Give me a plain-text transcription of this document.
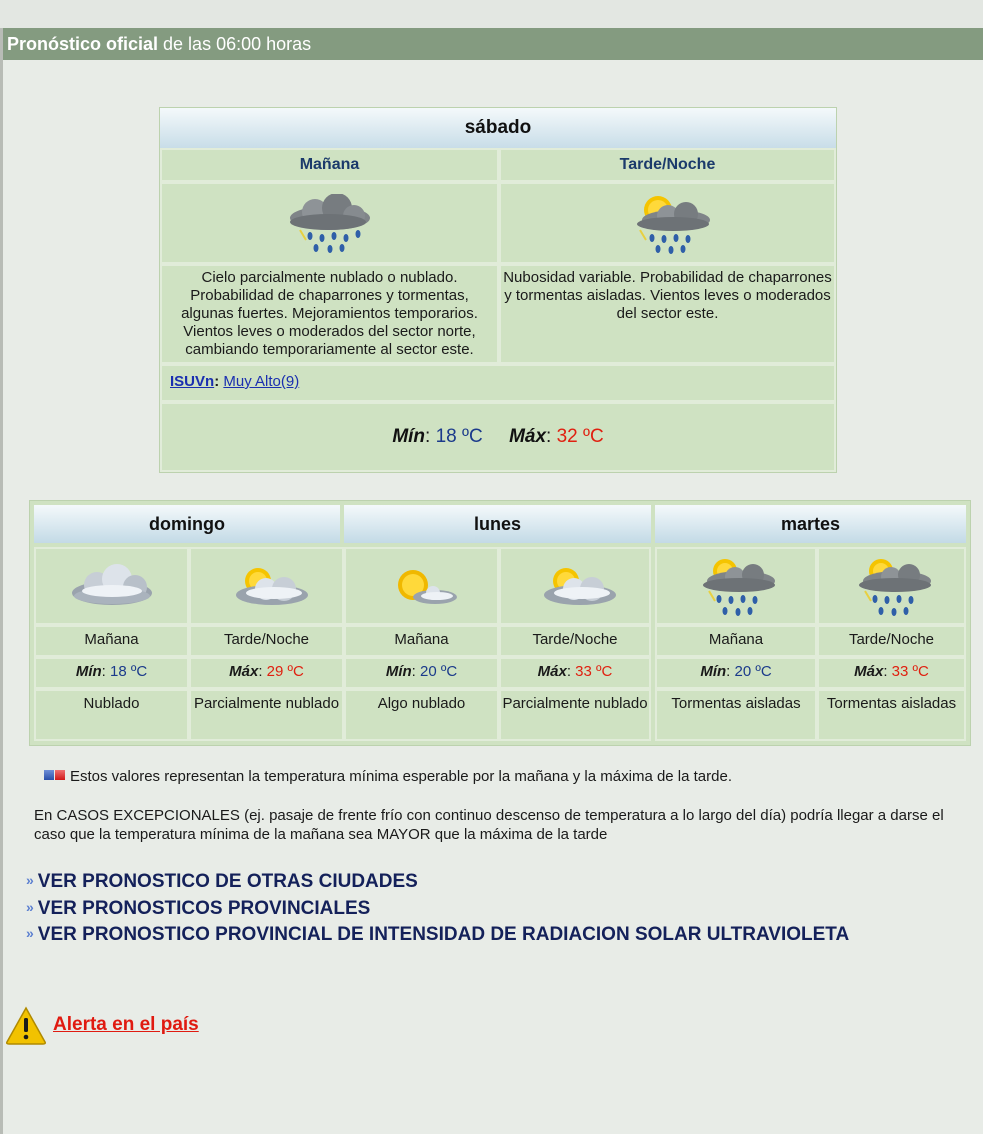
Pronóstico oficial de las 06:00 horas
sábado
Mañana	Tarde/Noche
Cielo parcialmente nublado o nublado. Probabilidad de chaparrones y tormentas, algunas fuertes. Mejoramientos temporarios. Vientos leves o moderados del sector norte, cambiando temporariamente al sector este.
Nubosidad variable. Probabilidad de chaparrones y tormentas aisladas. Vientos leves o moderados del sector este.
ISUVn: Muy Alto(9)
Mín: 18 ºC Máx: 32 ºC
domingo	lunes	martes
Mañana	Tarde/Noche	Mañana	Tarde/Noche	Mañana	Tarde/Noche
Mín: 18 ºC	Máx: 29 ºC	Mín: 20 ºC	Máx: 33 ºC	Mín: 20 ºC	Máx: 33 ºC
Nublado	Parcialmente nublado	Algo nublado	Parcialmente nublado	Tormentas aisladas	Tormentas aisladas
Estos valores representan la temperatura mínima esperable por la mañana y la máxima de la tarde.
En CASOS EXCEPCIONALES (ej. pasaje de frente frío con continuo descenso de temperatura a lo largo del día) podría llegar a darse el caso que la temperatura mínima de la mañana sea MAYOR que la máxima de la tarde
» VER PRONOSTICO DE OTRAS CIUDADES
» VER PRONOSTICOS PROVINCIALES
» VER PRONOSTICO PROVINCIAL DE INTENSIDAD DE RADIACION SOLAR ULTRAVIOLETA
Alerta en el país
